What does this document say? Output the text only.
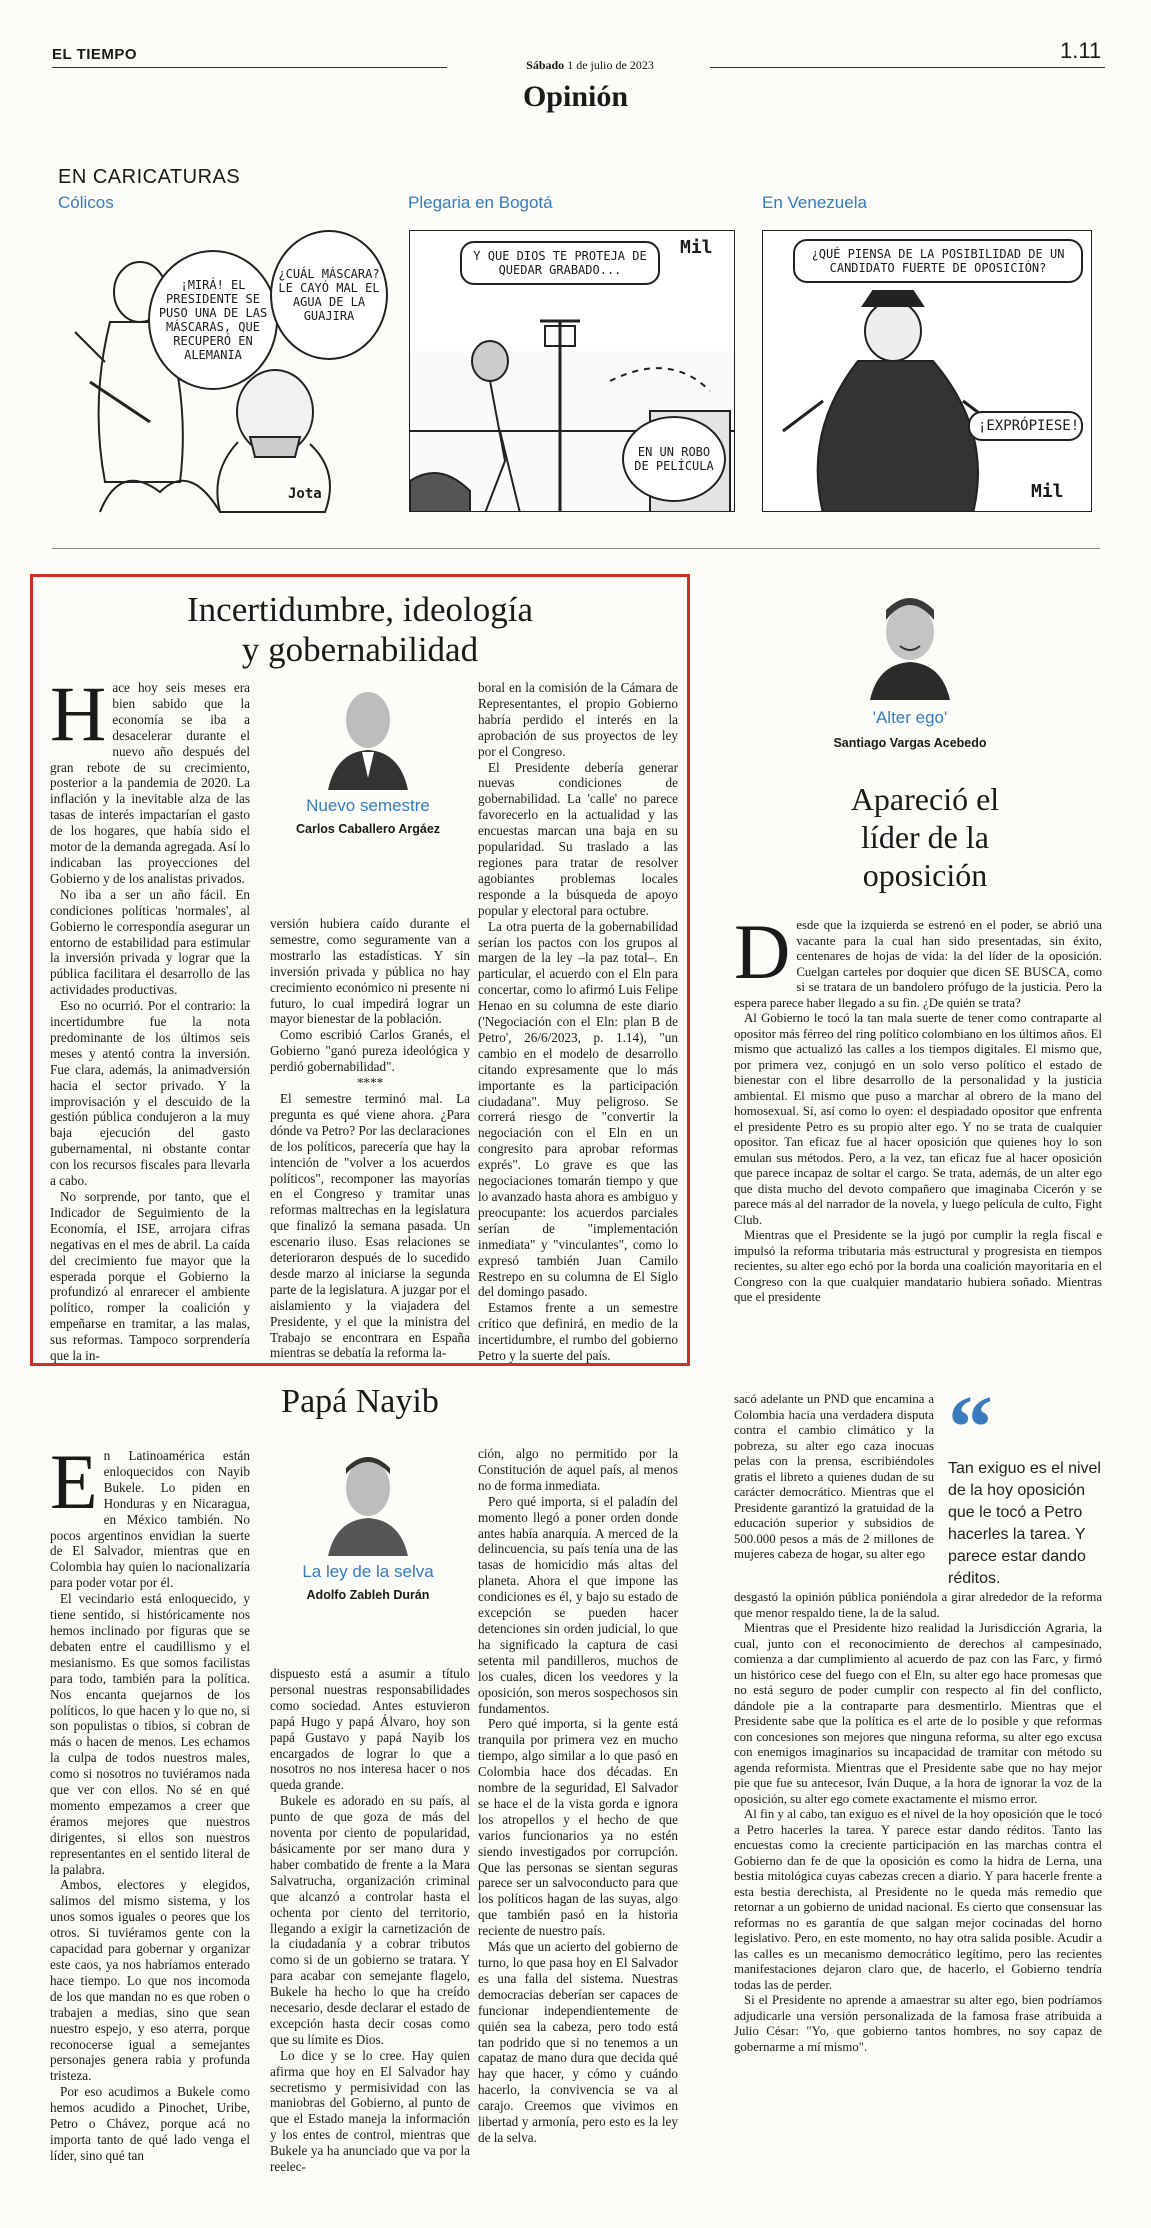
EL TIEMPO
Sábado 1 de julio de 2023
1.11
Opinión
EN CARICATURAS
Cólicos	Plegaria en Bogotá	En Venezuela
¡MIRÁ! EL PRESIDENTE SE PUSO UNA DE LAS MÁSCARAS, QUE RECUPERÓ EN ALEMANIA
¿CUÁL MÁSCARA? LE CAYÓ MAL EL AGUA DE LA GUAJIRA
Jota
Y QUE DIOS TE PROTEJA DE QUEDAR GRABADO...
EN UN ROBO DE PELÍCULA
Mil	¿QUÉ PIENSA DE LA POSIBILIDAD DE UN CANDIDATO FUERTE DE OPOSICIÓN?
¡EXPRÓPIESE!
Mil
Incertidumbre, ideología
y gobernabilidad
H ace hoy seis meses era bien sabido que la economía se iba a desacelerar durante el nuevo año después del gran rebote de su crecimiento, posterior a la pandemia de 2020. La inflación y la inevitable alza de las tasas de interés impactarían el gasto de los hogares, que había sido el motor de la demanda agregada. Así lo indicaban las proyecciones del Gobierno y de los analistas privados.

No iba a ser un año fácil. En condiciones políticas 'normales', al Gobierno le correspondía asegurar un entorno de estabilidad para estimular la inversión privada y lograr que la pública facilitara el desarrollo de las actividades productivas.

Eso no ocurrió. Por el contrario: la incertidumbre fue la nota predominante de los últimos seis meses y atentó contra la inversión. Fue clara, además, la animadversión hacia el sector privado. Y la improvisación y el descuido de la gestión pública condujeron a la muy baja ejecución del gasto gubernamental, ni obstante contar con los recursos fiscales para llevarla a cabo.

No sorprende, por tanto, que el Indicador de Seguimiento de la Economía, el ISE, arrojara cifras negativas en el mes de abril. La caída del crecimiento fue mayor que la esperada porque el Gobierno la profundizó al enrarecer el ambiente político, romper la coalición y empeñarse en tramitar, a las malas, sus reformas. Tampoco sorprendería que la in-

Nuevo semestre
Carlos Caballero Argáez

versión hubiera caído durante el semestre, como seguramente van a mostrarlo las estadísticas. Y sin inversión privada y pública no hay crecimiento económico ni presente ni futuro, lo cual impedirá lograr un mayor bienestar de la población.

Como escribió Carlos Granés, el Gobierno "ganó pureza ideológica y perdió gobernabilidad".

****

El semestre terminó mal. La pregunta es qué viene ahora. ¿Para dónde va Petro? Por las declaraciones de los políticos, parecería que hay la intención de "volver a los acuerdos políticos", recomponer las mayorías en el Congreso y tramitar unas reformas maltrechas en la legislatura que finalizó la semana pasada. Un escenario iluso. Esas relaciones se deterioraron después de lo sucedido desde marzo al iniciarse la segunda parte de la legislatura. A juzgar por el aislamiento y la viajadera del Presidente, y el que la ministra del Trabajo se encontrara en España mientras se debatía la reforma la-

boral en la comisión de la Cámara de Representantes, el propio Gobierno habría perdido el interés en la aprobación de sus proyectos de ley por el Congreso.

El Presidente debería generar nuevas condiciones de gobernabilidad. La 'calle' no parece favorecerlo en la actualidad y las encuestas marcan una baja en su popularidad. Su traslado a las regiones para tratar de resolver agobiantes problemas locales responde a la búsqueda de apoyo popular y electoral para octubre.

La otra puerta de la gobernabilidad serían los pactos con los grupos al margen de la ley –la paz total–. En particular, el acuerdo con el Eln para concertar, como lo afirmó Luis Felipe Henao en su columna de este diario ('Negociación con el Eln: plan B de Petro', 26/6/2023, p. 1.14), "un cambio en el modelo de desarrollo citando expresamente que lo más importante es la participación ciudadana". Muy peligroso. Se correrá riesgo de "convertir la negociación con el Eln en un congresito para aprobar reformas exprés". Lo grave es que las negociaciones tomarán tiempo y que lo avanzado hasta ahora es ambiguo y preocupante: los acuerdos parciales serían de "implementación inmediata" y "vinculantes", como lo expresó también Juan Camilo Restrepo en su columna de El Siglo del domingo pasado.

Estamos frente a un semestre crítico que definirá, en medio de la incertidumbre, el rumbo del gobierno Petro y la suerte del país.

Papá Nayib
E n Latinoamérica están enloquecidos con Nayib Bukele. Lo piden en Honduras y en Nicaragua, en México también. No pocos argentinos envidian la suerte de El Salvador, mientras que en Colombia hay quien lo nacionalizaría para poder votar por él.

El vecindario está enloquecido, y tiene sentido, si históricamente nos hemos inclinado por figuras que se debaten entre el caudillismo y el mesianismo. Es que somos facilistas para todo, también para la política. Nos encanta quejarnos de los políticos, lo que hacen y lo que no, si son populistas o tibios, si cobran de más o hacen de menos. Les echamos la culpa de todos nuestros males, como si nosotros no tuviéramos nada que ver con ellos. No sé en qué momento empezamos a creer que éramos mejores que nuestros dirigentes, si ellos son nuestros representantes en el sentido literal de la palabra.

Ambos, electores y elegidos, salimos del mismo sistema, y los unos somos iguales o peores que los otros. Si tuviéramos gente con la capacidad para gobernar y organizar este caos, ya nos habríamos enterado hace tiempo. Lo que nos incomoda de los que mandan no es que roben o trabajen a medias, sino que sean nuestro espejo, y eso aterra, porque reconocerse igual a semejantes personajes genera rabia y profunda tristeza.

Por eso acudimos a Bukele como hemos acudido a Pinochet, Uribe, Petro o Chávez, porque acá no importa tanto de qué lado venga el líder, sino qué tan

La ley de la selva
Adolfo Zableh Durán

dispuesto está a asumir a título personal nuestras responsabilidades como sociedad. Antes estuvieron papá Hugo y papá Álvaro, hoy son papá Gustavo y papá Nayib los encargados de lograr lo que a nosotros no nos interesa hacer o nos queda grande.

Bukele es adorado en su país, al punto de que goza de más del noventa por ciento de popularidad, básicamente por ser mano dura y haber combatido de frente a la Mara Salvatrucha, organización criminal que alcanzó a controlar hasta el ochenta por ciento del territorio, llegando a exigir la carnetización de la ciudadanía y a cobrar tributos como si de un gobierno se tratara. Y para acabar con semejante flagelo, Bukele ha hecho lo que ha creído necesario, desde declarar el estado de excepción hasta decir cosas como que su límite es Dios.

Lo dice y se lo cree. Hay quien afirma que hoy en El Salvador hay secretismo y permisividad con las maniobras del Gobierno, al punto de que el Estado maneja la información y los entes de control, mientras que Bukele ya ha anunciado que va por la reelec-

ción, algo no permitido por la Constitución de aquel país, al menos no de forma inmediata.

Pero qué importa, si el paladín del momento llegó a poner orden donde antes había anarquía. A merced de la delincuencia, su país tenía una de las tasas de homicidio más altas del planeta. Ahora el que impone las condiciones es él, y bajo su estado de excepción se pueden hacer detenciones sin orden judicial, lo que ha significado la captura de casi setenta mil pandilleros, muchos de los cuales, dicen los veedores y la oposición, son meros sospechosos sin fundamentos.

Pero qué importa, si la gente está tranquila por primera vez en mucho tiempo, algo similar a lo que pasó en Colombia hace dos décadas. En nombre de la seguridad, El Salvador se hace el de la vista gorda e ignora los atropellos y el hecho de que varios funcionarios ya no estén siendo investigados por corrupción. Que las personas se sientan seguras parece ser un salvoconducto para que los políticos hagan de las suyas, algo que también pasó en la historia reciente de nuestro país.

Más que un acierto del gobierno de turno, lo que pasa hoy en El Salvador es una falla del sistema. Nuestras democracias deberían ser capaces de funcionar independientemente de quién sea la cabeza, pero todo está tan podrido que si no tenemos a un capataz de mano dura que decida qué hay que hacer, y cómo y cuándo hacerlo, la convivencia se va al carajo. Creemos que vivimos en libertad y armonía, pero esto es la ley de la selva.

'Alter ego'
Santiago Vargas Acebedo
Apareció el
líder de la
oposición
D esde que la izquierda se estrenó en el poder, se abrió una vacante para la cual han sido presentadas, sin éxito, centenares de hojas de vida: la del líder de la oposición. Cuelgan carteles por doquier que dicen SE BUSCA, como si se tratara de un bandolero prófugo de la justicia. Pero la espera parece haber llegado a su fin. ¿De quién se trata?

Al Gobierno le tocó la tan mala suerte de tener como contraparte al opositor más férreo del ring político colombiano en los últimos años. El mismo que actualizó las calles a los tiempos digitales. El mismo que, por primera vez, conjugó en un solo verso político el estado de bienestar con el libre desarrollo de la personalidad y la justicia ambiental. El mismo que puso a marchar al obrero de la mano del homosexual. Sí, así como lo oyen: el despiadado opositor que enfrenta el presidente Petro es su propio alter ego. Y no se trata de cualquier opositor. Tan eficaz fue al hacer oposición que quienes hoy lo son emulan sus métodos. Pero, a la vez, tan eficaz fue al hacer oposición que parece incapaz de soltar el cargo. Se trata, además, de un alter ego que dista mucho del devoto compañero que imaginaba Cicerón y se parece más al del narrador de la novela, y luego película de culto, Fight Club.

Mientras que el Presidente se la jugó por cumplir la regla fiscal e impulsó la reforma tributaria más estructural y progresista en tiempos recientes, su alter ego echó por la borda una coalición mayoritaria en el Congreso con la que cualquier mandatario hubiera soñado. Mientras que el presidente

sacó adelante un PND que encamina a Colombia hacia una verdadera disputa contra el cambio climático y la pobreza, su alter ego caza inocuas pelas con la prensa, escribiéndoles gratis el libreto a quienes dudan de su carácter democrático. Mientras que el Presidente garantizó la gratuidad de la educación superior y subsidios de 500.000 pesos a más de 2 millones de mujeres cabeza de hogar, su alter ego

“
Tan exiguo es el nivel de la hoy oposición que le tocó a Petro hacerles la tarea. Y parece estar dando réditos.

desgastó la opinión pública poniéndola a girar alrededor de la reforma que menor respaldo tiene, la de la salud.

Mientras que el Presidente hizo realidad la Jurisdicción Agraria, la cual, junto con el reconocimiento de derechos al campesinado, comienza a dar cumplimiento al acuerdo de paz con las Farc, y firmó un histórico cese del fuego con el Eln, su alter ego hace promesas que no está seguro de poder cumplir con respecto al fin del conflicto, dándole pie a la contraparte para desmentirlo. Mientras que el Presidente sabe que la política es el arte de lo posible y que reformas con concesiones son mejores que ninguna reforma, su alter ego excusa con enemigos imaginarios su incapacidad de tramitar con método su agenda reformista. Mientras que el Presidente sabe que no hay mejor pie que fue su antecesor, Iván Duque, a la hora de ignorar la voz de la oposición, su alter ego comete exactamente el mismo error.

Al fin y al cabo, tan exiguo es el nivel de la hoy oposición que le tocó a Petro hacerles la tarea. Y parece estar dando réditos. Tanto las encuestas como la creciente participación en las marchas contra el Gobierno dan fe de que la oposición es como la hidra de Lerna, una bestia mitológica cuyas cabezas crecen a diario. Y para hacerle frente a esta bestia derechista, al Presidente no le queda más remedio que retornar a un gobierno de unidad nacional. Es cierto que consensuar las reformas no es garantía de que salgan mejor cocinadas del horno legislativo. Pero, en este momento, no hay otra salida posible. Acudir a las calles es un mecanismo democrático legítimo, pero las recientes manifestaciones dejaron claro que, de hacerlo, el Gobierno tendría todas las de perder.

Si el Presidente no aprende a amaestrar su alter ego, bien podríamos adjudicarle una versión personalizada de la famosa frase atribuida a Julio César: "Yo, que gobierno tantos hombres, no soy capaz de gobernarme a mí mismo".
